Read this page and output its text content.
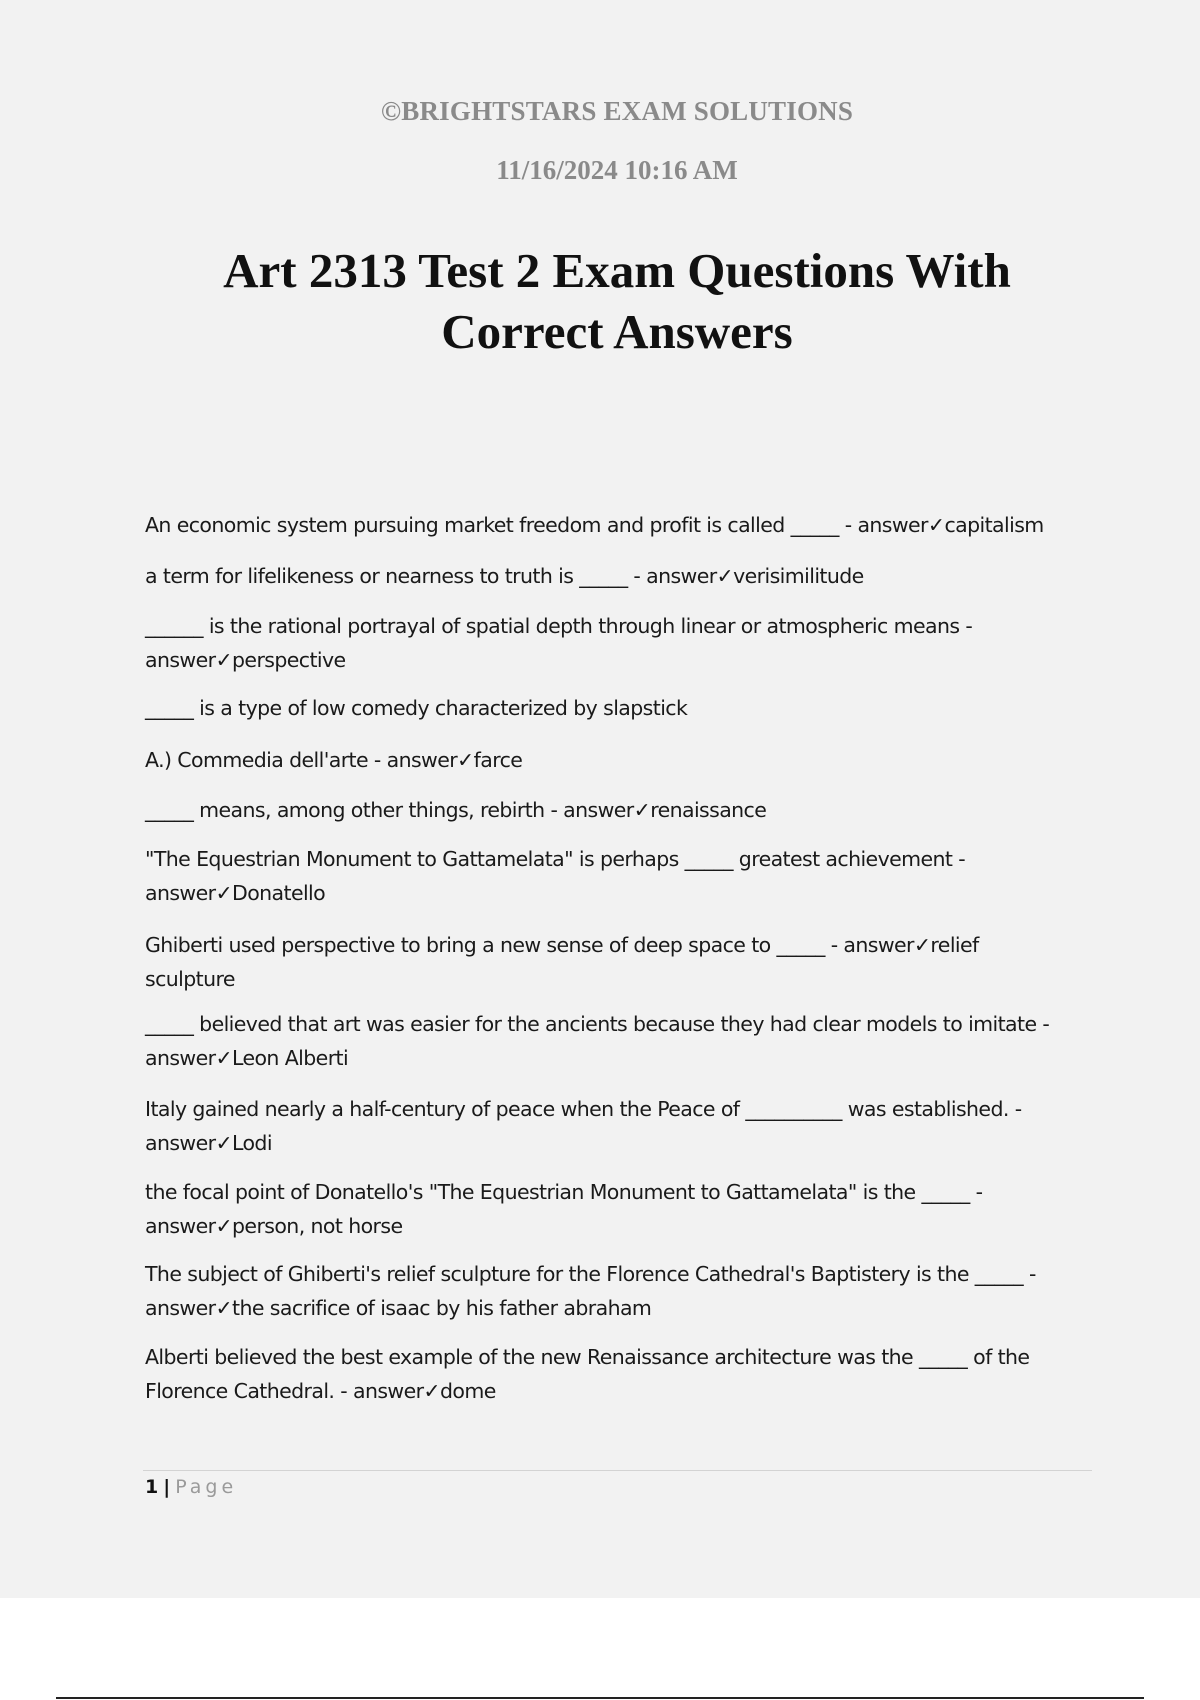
©BRIGHTSTARS EXAM SOLUTIONS
11/16/2024 10:16 AM
Art 2313 Test 2 Exam Questions With
Correct Answers
An economic system pursuing market freedom and profit is called _____ - answer✓capitalism
a term for lifelikeness or nearness to truth is _____ - answer✓verisimilitude
______ is the rational portrayal of spatial depth through linear or atmospheric means -
answer✓perspective
_____ is a type of low comedy characterized by slapstick
A.) Commedia dell'arte - answer✓farce
_____ means, among other things, rebirth - answer✓renaissance
"The Equestrian Monument to Gattamelata" is perhaps _____ greatest achievement -
answer✓Donatello
Ghiberti used perspective to bring a new sense of deep space to _____ - answer✓relief
sculpture
_____ believed that art was easier for the ancients because they had clear models to imitate -
answer✓Leon Alberti
Italy gained nearly a half-century of peace when the Peace of __________ was established. -
answer✓Lodi
the focal point of Donatello's "The Equestrian Monument to Gattamelata" is the _____ -
answer✓person, not horse
The subject of Ghiberti's relief sculpture for the Florence Cathedral's Baptistery is the _____ -
answer✓the sacrifice of isaac by his father abraham
Alberti believed the best example of the new Renaissance architecture was the _____ of the
Florence Cathedral. - answer✓dome
1 | Page
